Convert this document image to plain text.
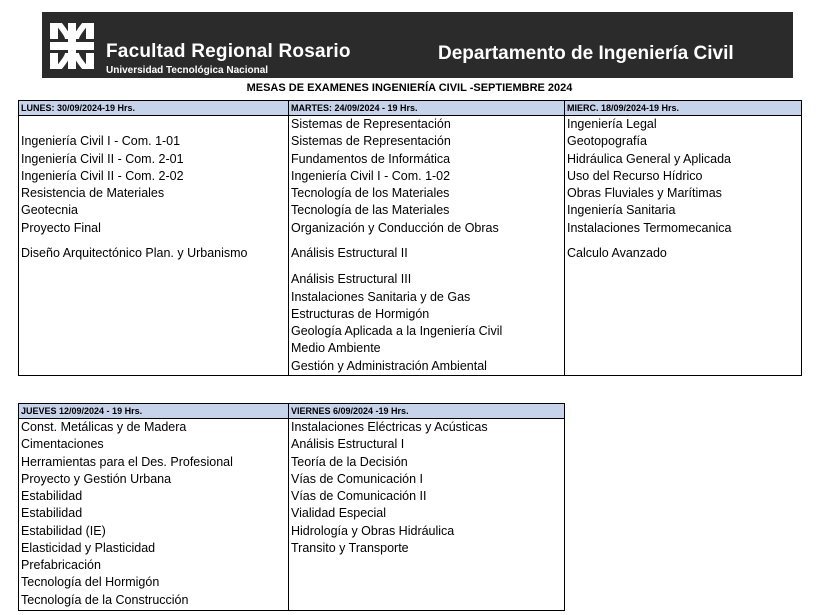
Facultad Regional Rosario
Universidad Tecnológica Nacional
Departamento de Ingeniería Civil
MESAS DE EXAMENES INGENIERÍA CIVIL -SEPTIEMBRE 2024
LUNES: 30/09/2024-19 Hrs.
Ingeniería Civil I - Com. 1-01
Ingeniería Civil II - Com. 2-01
Ingeniería Civil II - Com. 2-02
Resistencia de Materiales
Geotecnia
Proyecto Final
Diseño Arquitectónico Plan. y Urbanismo
MARTES: 24/09/2024 - 19 Hrs.
Sistemas de Representación
Sistemas de Representación
Fundamentos de Informática
Ingeniería Civil I - Com. 1-02
Tecnología de los Materiales
Tecnología de las Materiales
Organización y Conducción de Obras
Análisis Estructural II
Análisis Estructural III
Instalaciones Sanitaria y de Gas
Estructuras de Hormigón
Geología Aplicada a la Ingeniería Civil
Medio Ambiente
Gestión y Administración Ambiental
MIERC. 18/09/2024-19 Hrs.
Ingeniería Legal
Geotopografía
Hidráulica General y Aplicada
Uso del Recurso Hídrico
Obras Fluviales y Marítimas
Ingeniería Sanitaria
Instalaciones Termomecanica
Calculo Avanzado
JUEVES 12/09/2024 - 19 Hrs.
Const. Metálicas y de Madera
Cimentaciones
Herramientas para el Des. Profesional
Proyecto y Gestión Urbana
Estabilidad
Estabilidad
Estabilidad (IE)
Elasticidad y Plasticidad
Prefabricación
Tecnología del Hormigón
Tecnología de la Construcción
VIERNES 6/09/2024 -19 Hrs.
Instalaciones Eléctricas y Acústicas
Análisis Estructural I
Teoría de la Decisión
Vías de Comunicación I
Vías de Comunicación II
Vialidad Especial
Hidrología y Obras Hidráulica
Transito y Transporte
